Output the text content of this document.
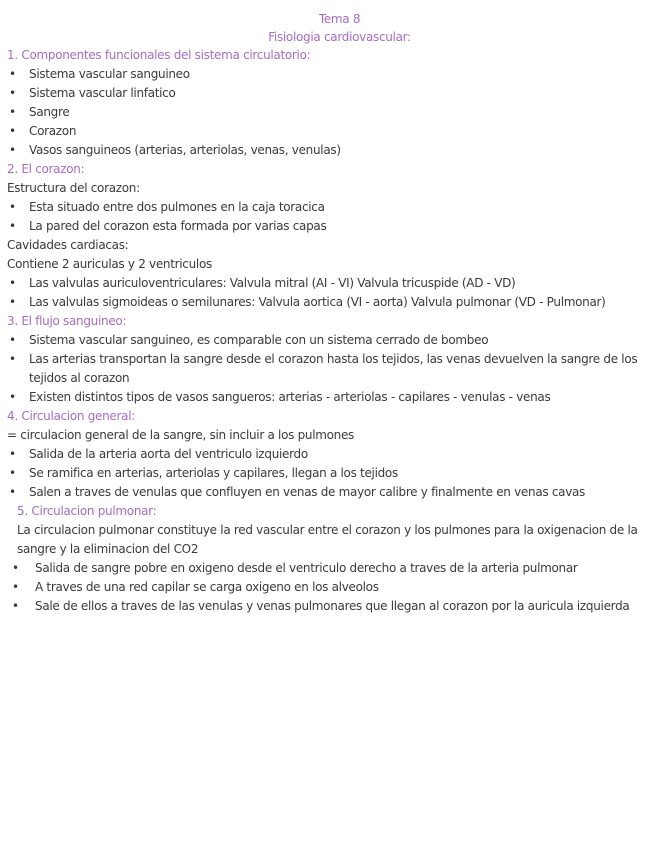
Tema 8
Fisiologia cardiovascular:
1. Componentes funcionales del sistema circulatorio:
• Sistema vascular sanguineo
• Sistema vascular linfatico
• Sangre
• Corazon
• Vasos sanguineos (arterias, arteriolas, venas, venulas)
2. El corazon:
Estructura del corazon:
• Esta situado entre dos pulmones en la caja toracica
• La pared del corazon esta formada por varias capas
Cavidades cardiacas:
Contiene 2 auriculas y 2 ventriculos
• Las valvulas auriculoventriculares: Valvula mitral (AI - VI) Valvula tricuspide (AD - VD)
• Las valvulas sigmoideas o semilunares: Valvula aortica (VI - aorta) Valvula pulmonar (VD - Pulmonar)
3. El flujo sanguineo:
• Sistema vascular sanguineo, es comparable con un sistema cerrado de bombeo
• Las arterias transportan la sangre desde el corazon hasta los tejidos, las venas devuelven la sangre de los tejidos al corazon
• Existen distintos tipos de vasos sangueros: arterias - arteriolas - capilares - venulas - venas
4. Circulacion general:
= circulacion general de la sangre, sin incluir a los pulmones
• Salida de la arteria aorta del ventriculo izquierdo
• Se ramifica en arterias, arteriolas y capilares, llegan a los tejidos
• Salen a traves de venulas que confluyen en venas de mayor calibre y finalmente en venas cavas
5. Circulacion pulmonar:
La circulacion pulmonar constituye la red vascular entre el corazon y los pulmones para la oxigenacion de la sangre y la eliminacion del CO2
• Salida de sangre pobre en oxigeno desde el ventriculo derecho a traves de la arteria pulmonar
• A traves de una red capilar se carga oxigeno en los alveolos
• Sale de ellos a traves de las venulas y venas pulmonares que llegan al corazon por la auricula izquierda
